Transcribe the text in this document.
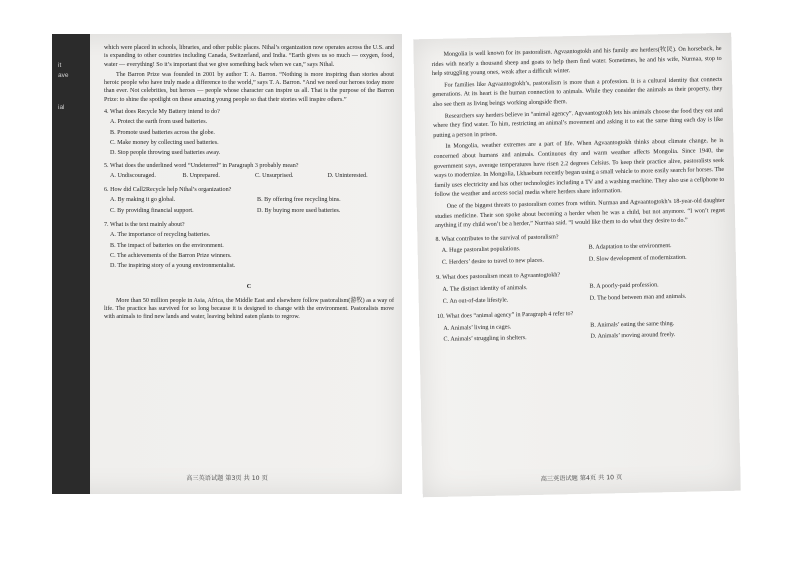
which were placed in schools, libraries, and other public places. Nihal’s organization now operates across the U.S. and is expanding to other countries including Canada, Switzerland, and India. “Earth gives us so much — oxygen, food, water — everything! So it’s important that we give something back when we can,” says Nihal.

The Barron Prize was founded in 2001 by author T. A. Barron. “Nothing is more inspiring than stories about heroic people who have truly made a difference to the world,” says T. A. Barron. “And we need our heroes today more than ever. Not celebrities, but heroes — people whose character can inspire us all. That is the purpose of the Barron Prize: to shine the spotlight on these amazing young people so that their stories will inspire others.”

4. What does Recycle My Battery intend to do?

A. Protect the earth from used batteries.

B. Promote used batteries across the globe.

C. Make money by collecting used batteries.

D. Stop people throwing used batteries away.

5. What does the underlined word “Undeterred” in Paragraph 3 probably mean?

A. Undiscouraged.	B. Unprepared.	C. Unsurprised.	D. Uninterested.

6. How did Call2Recycle help Nihal’s organization?

A. By making it go global.	B. By offering free recycling bins.

C. By providing financial support.	D. By buying more used batteries.

7. What is the text mainly about?

A. The importance of recycling batteries.

B. The impact of batteries on the environment.

C. The achievements of the Barron Prize winners.

D. The inspiring story of a young environmentalist.

C

More than 50 million people in Asia, Africa, the Middle East and elsewhere follow pastoralism(游牧) as a way of life. The practice has survived for so long because it is designed to change with the environment. Pastoralists move with animals to find new lands and water, leaving behind eaten plants to regrow.

高三英语试题 第3页 共 10 页
it
ave
ial

Mongolia is well known for its pastoralism. Agvaantogtokh and his family are herders(牧民). On horseback, he rides with nearly a thousand sheep and goats to help them find water. Sometimes, he and his wife, Nurmaa, stop to help struggling young ones, weak after a difficult winter.

For families like Agvaantogtokh’s, pastoralism is more than a profession. It is a cultural identity that connects generations. At its heart is the human connection to animals. While they consider the animals as their property, they also see them as living beings working alongside them.

Researchers say herders believe in “animal agency”. Agvaantogtokh lets his animals choose the food they eat and where they find water. To him, restricting an animal’s movement and asking it to eat the same thing each day is like putting a person in prison.

In Mongolia, weather extremes are a part of life. When Agvaantogtokh thinks about climate change, he is concerned about humans and animals. Continuous dry and warm weather affects Mongolia. Since 1940, the government says, average temperatures have risen 2.2 degrees Celsius. To keep their practice alive, pastoralists seek ways to modernize. In Mongolia, Lkhaebum recently began using a small vehicle to more easily search for horses. The family uses electricity and has other technologies including a TV and a washing machine. They also use a cellphone to follow the weather and access social media where herders share information.

One of the biggest threats to pastoralism comes from within. Nurmaa and Agvaantogtokh’s 18-year-old daughter studies medicine. Their son spoke about becoming a herder when he was a child, but not anymore. “I won’t regret anything if my child won’t be a herder,” Nurmaa said. “I would like them to do what they desire to do.”

8. What contributes to the survival of pastoralism?

A. Huge pastoralist populations.	B. Adaptation to the environment.

C. Herders’ desire to travel to new places.	D. Slow development of modernization.

9. What does pastoralism mean to Agvaantogtokh?

A. The distinct identity of animals.	B. A poorly-paid profession.

C. An out-of-date lifestyle.	D. The bond between man and animals.

10. What does “animal agency” in Paragraph 4 refer to?

A. Animals’ living in cages.	B. Animals’ eating the same thing.

C. Animals’ struggling in shelters.	D. Animals’ moving around freely.

高三英语试题 第4页 共 10 页
